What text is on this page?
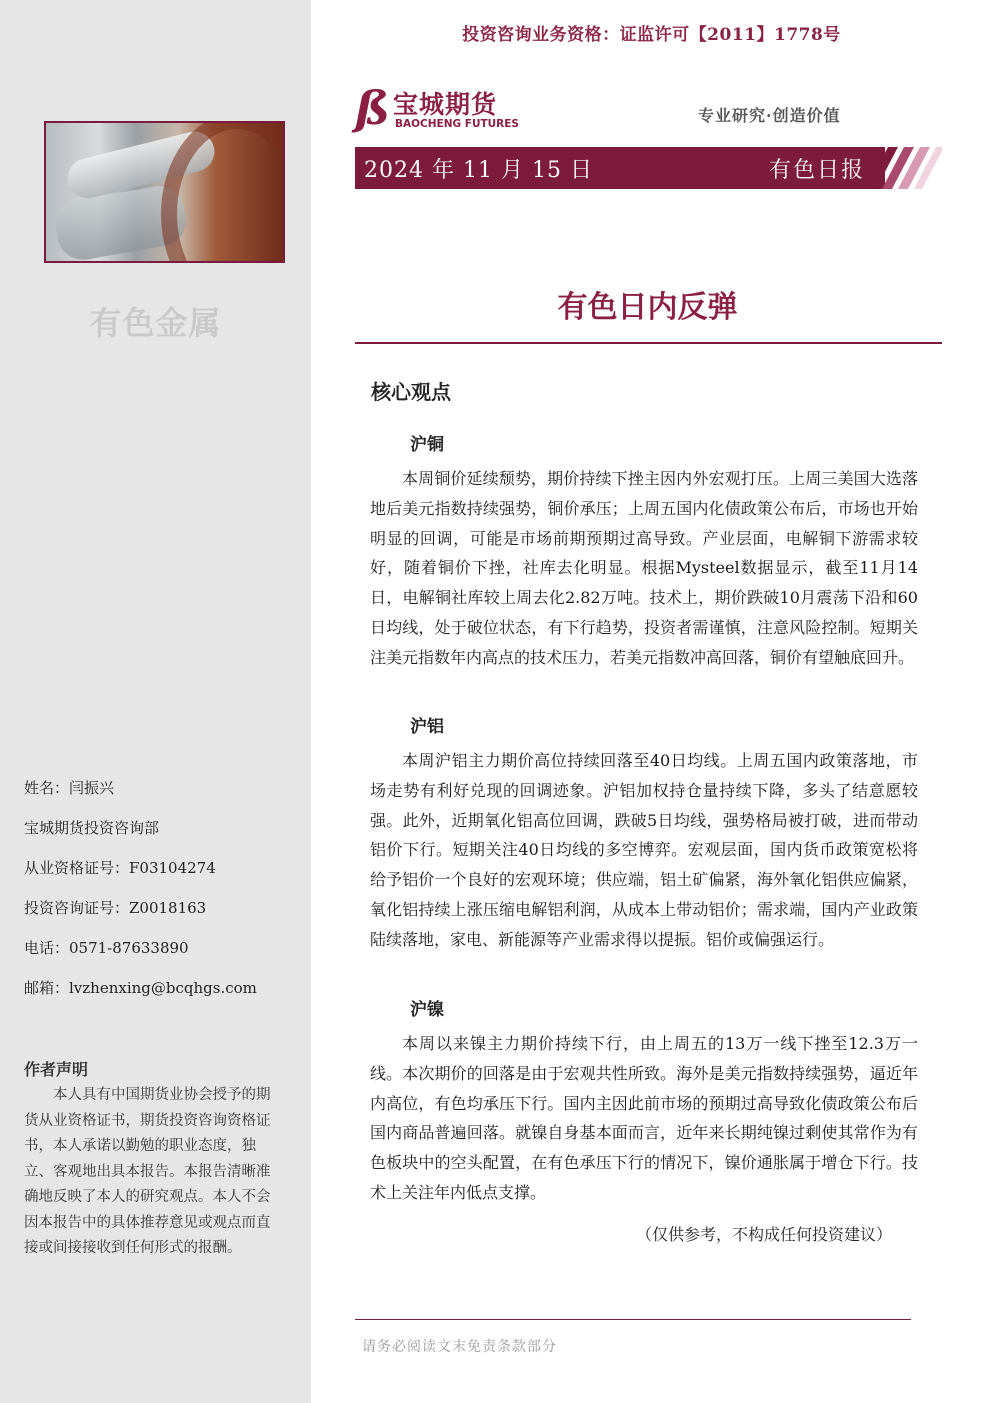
有色金属
姓名：闫振兴
宝城期货投资咨询部
从业资格证号：F03104274
投资咨询证号：Z0018163
电话：0571-87633890
邮箱：lvzhenxing@bcqhgs.com
作者声明
本人具有中国期货业协会授予的期货从业资格证书，期货投资咨询资格证书，本人承诺以勤勉的职业态度，独立、客观地出具本报告。本报告清晰准确地反映了本人的研究观点。本人不会因本报告中的具体推荐意见或观点而直接或间接接收到任何形式的报酬。
投资咨询业务资格：证监许可【2011】1778号
ß 宝城期货
BAOCHENG FUTURES	专业研究·创造价值
2024 年 11 月 15 日	有色日报
有色日内反弹
核心观点
沪铜
本周铜价延续颓势，期价持续下挫主因内外宏观打压。上周三美国大选落地后美元指数持续强势，铜价承压；上周五国内化债政策公布后，市场也开始明显的回调，可能是市场前期预期过高导致。产业层面，电解铜下游需求较好，随着铜价下挫，社库去化明显。根据Mysteel数据显示，截至11月14日，电解铜社库较上周去化2.82万吨。技术上，期价跌破10月震荡下沿和60日均线，处于破位状态，有下行趋势，投资者需谨慎，注意风险控制。短期关注美元指数年内高点的技术压力，若美元指数冲高回落，铜价有望触底回升。
沪铝
本周沪铝主力期价高位持续回落至40日均线。上周五国内政策落地，市场走势有利好兑现的回调迹象。沪铝加权持仓量持续下降，多头了结意愿较强。此外，近期氧化铝高位回调，跌破5日均线，强势格局被打破，进而带动铝价下行。短期关注40日均线的多空博弈。宏观层面，国内货币政策宽松将给予铝价一个良好的宏观环境；供应端，铝土矿偏紧，海外氧化铝供应偏紧，氧化铝持续上涨压缩电解铝利润，从成本上带动铝价；需求端，国内产业政策陆续落地，家电、新能源等产业需求得以提振。铝价或偏强运行。
沪镍
本周以来镍主力期价持续下行，由上周五的13万一线下挫至12.3万一线。本次期价的回落是由于宏观共性所致。海外是美元指数持续强势，逼近年内高位，有色均承压下行。国内主因此前市场的预期过高导致化债政策公布后国内商品普遍回落。就镍自身基本面而言，近年来长期纯镍过剩使其常作为有色板块中的空头配置，在有色承压下行的情况下，镍价通胀属于增仓下行。技术上关注年内低点支撑。
（仅供参考，不构成任何投资建议）
请务必阅读文末免责条款部分
